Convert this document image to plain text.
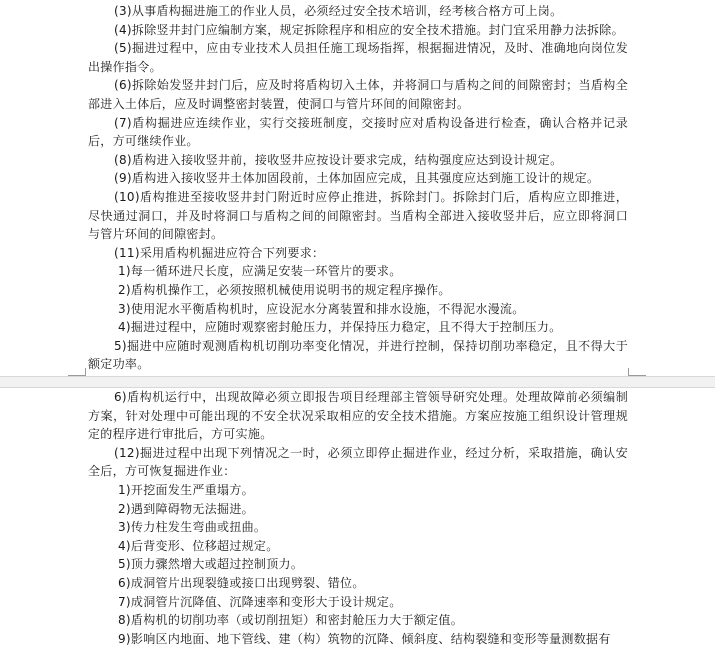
(3)从事盾构掘进施工的作业人员，必须经过安全技术培训，经考核合格方可上岗。

(4)拆除竖井封门应编制方案，规定拆除程序和相应的安全技术措施。封门宜采用静力法拆除。

(5)掘进过程中，应由专业技术人员担任施工现场指挥，根据掘进情况，及时、准确地向岗位发出操作指令。

(6)拆除始发竖井封门后，应及时将盾构切入土体，并将洞口与盾构之间的间隙密封；当盾构全部进入土体后，应及时调整密封装置，使洞口与管片环间的间隙密封。

(7)盾构掘进应连续作业，实行交接班制度，交接时应对盾构设备进行检查，确认合格并记录后，方可继续作业。

(8)盾构进入接收竖井前，接收竖井应按设计要求完成，结构强度应达到设计规定。

(9)盾构进入接收竖井土体加固段前，土体加固应完成，且其强度应达到施工设计的规定。

(10)盾构推进至接收竖井封门附近时应停止推进，拆除封门。拆除封门后，盾构应立即推进，尽快通过洞口，并及时将洞口与盾构之间的间隙密封。当盾构全部进入接收竖井后，应立即将洞口与管片环间的间隙密封。

(11)采用盾构机掘进应符合下列要求：

1)每一循环进尺长度，应满足安装一环管片的要求。

2)盾构机操作工，必须按照机械使用说明书的规定程序操作。

3)使用泥水平衡盾构机时，应设泥水分离装置和排水设施，不得泥水漫流。

4)掘进过程中，应随时观察密封舱压力，并保持压力稳定，且不得大于控制压力。

5)掘进中应随时观测盾构机切削功率变化情况，并进行控制，保持切削功率稳定，且不得大于额定功率。

6)盾构机运行中，出现故障必须立即报告项目经理部主管领导研究处理。处理故障前必须编制方案，针对处理中可能出现的不安全状况采取相应的安全技术措施。方案应按施工组织设计管理规定的程序进行审批后，方可实施。

(12)掘进过程中出现下列情况之一时，必须立即停止掘进作业，经过分析，采取措施，确认安全后，方可恢复掘进作业：

1)开挖面发生严重塌方。

2)遇到障碍物无法掘进。

3)传力柱发生弯曲或扭曲。

4)后背变形、位移超过规定。

5)顶力骤然增大或超过控制顶力。

6)成洞管片出现裂缝或接口出现劈裂、错位。

7)成洞管片沉降值、沉降速率和变形大于设计规定。

8)盾构机的切削功率（或切削扭矩）和密封舱压力大于额定值。

9)影响区内地面、地下管线、建（构）筑物的沉降、倾斜度、结构裂缝和变形等量测数据有
